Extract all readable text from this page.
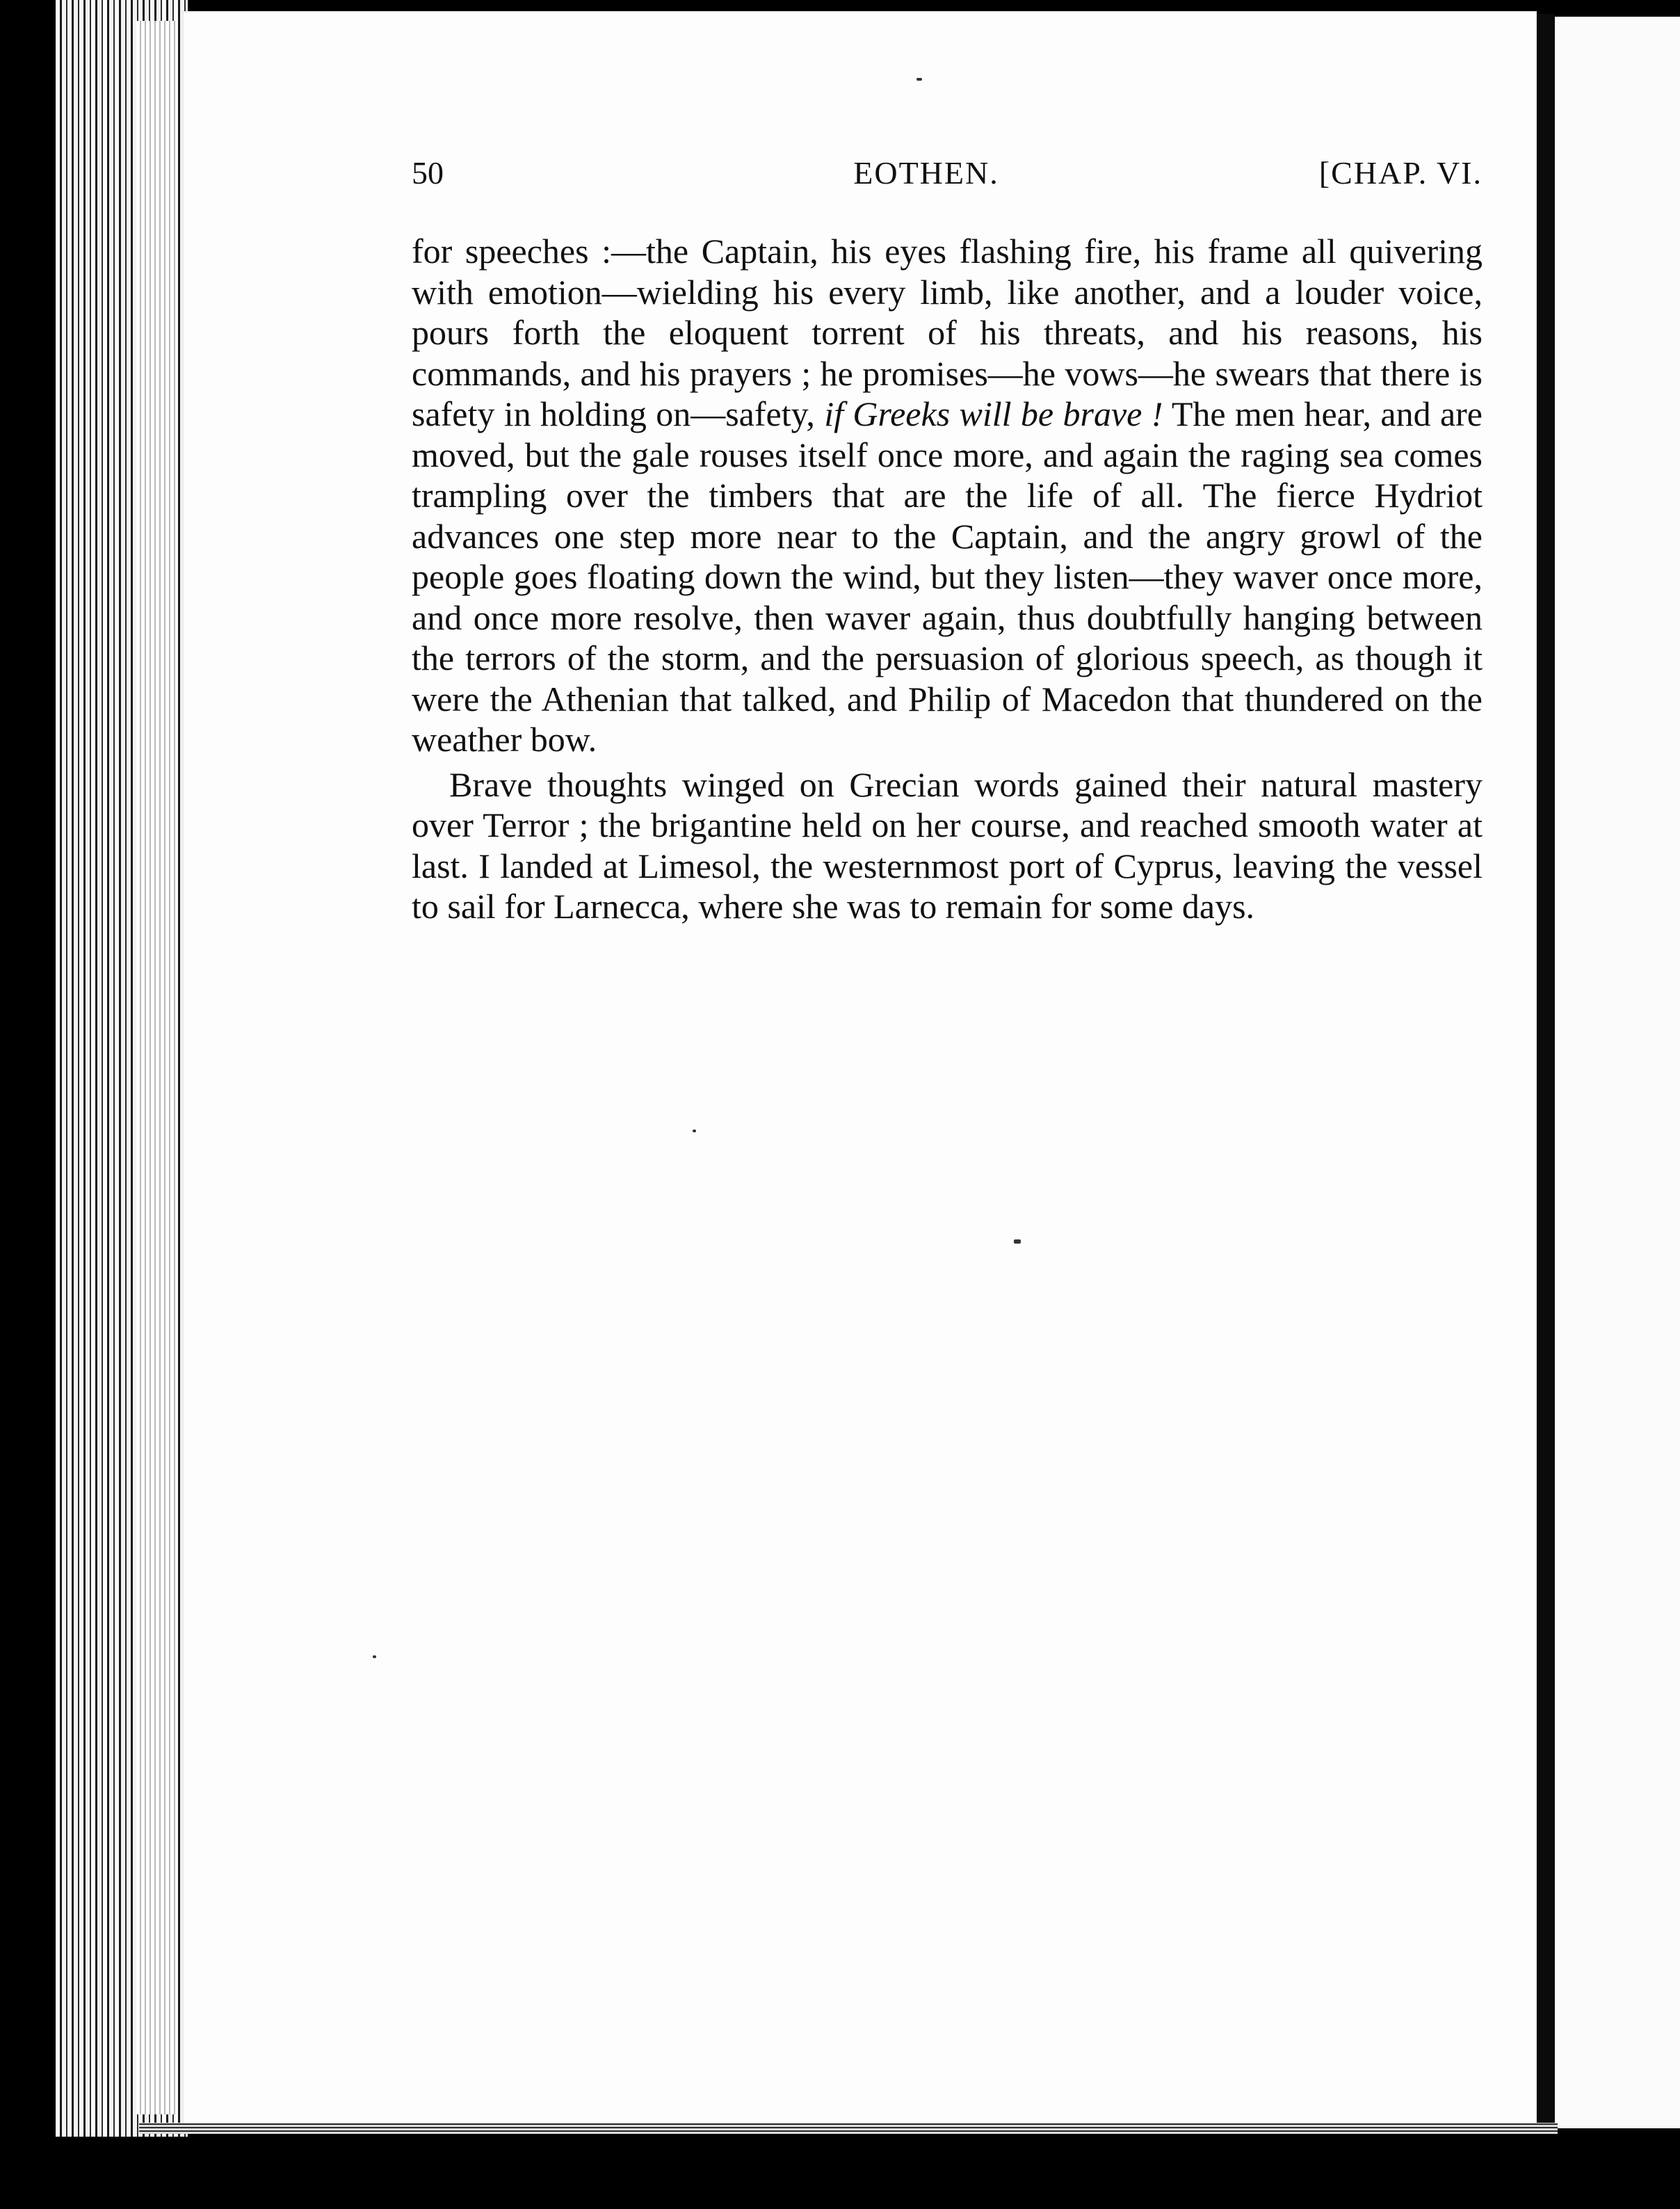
50	EOTHEN.	[CHAP. VI.

for speeches :—the Captain, his eyes flashing fire, his frame all quivering with emotion—wielding his every limb, like another, and a louder voice, pours forth the eloquent torrent of his threats, and his reasons, his commands, and his prayers ; he promises—he vows—he swears that there is safety in holding on—safety, if Greeks will be brave ! The men hear, and are moved, but the gale rouses itself once more, and again the raging sea comes trampling over the timbers that are the life of all. The fierce Hydriot advances one step more near to the Captain, and the angry growl of the people goes floating down the wind, but they listen—they waver once more, and once more resolve, then waver again, thus doubtfully hanging between the terrors of the storm, and the persuasion of glorious speech, as though it were the Athenian that talked, and Philip of Macedon that thundered on the weather bow.

Brave thoughts winged on Grecian words gained their natural mastery over Terror ; the brigantine held on her course, and reached smooth water at last. I landed at Limesol, the westernmost port of Cyprus, leaving the vessel to sail for Larnecca, where she was to remain for some days.
